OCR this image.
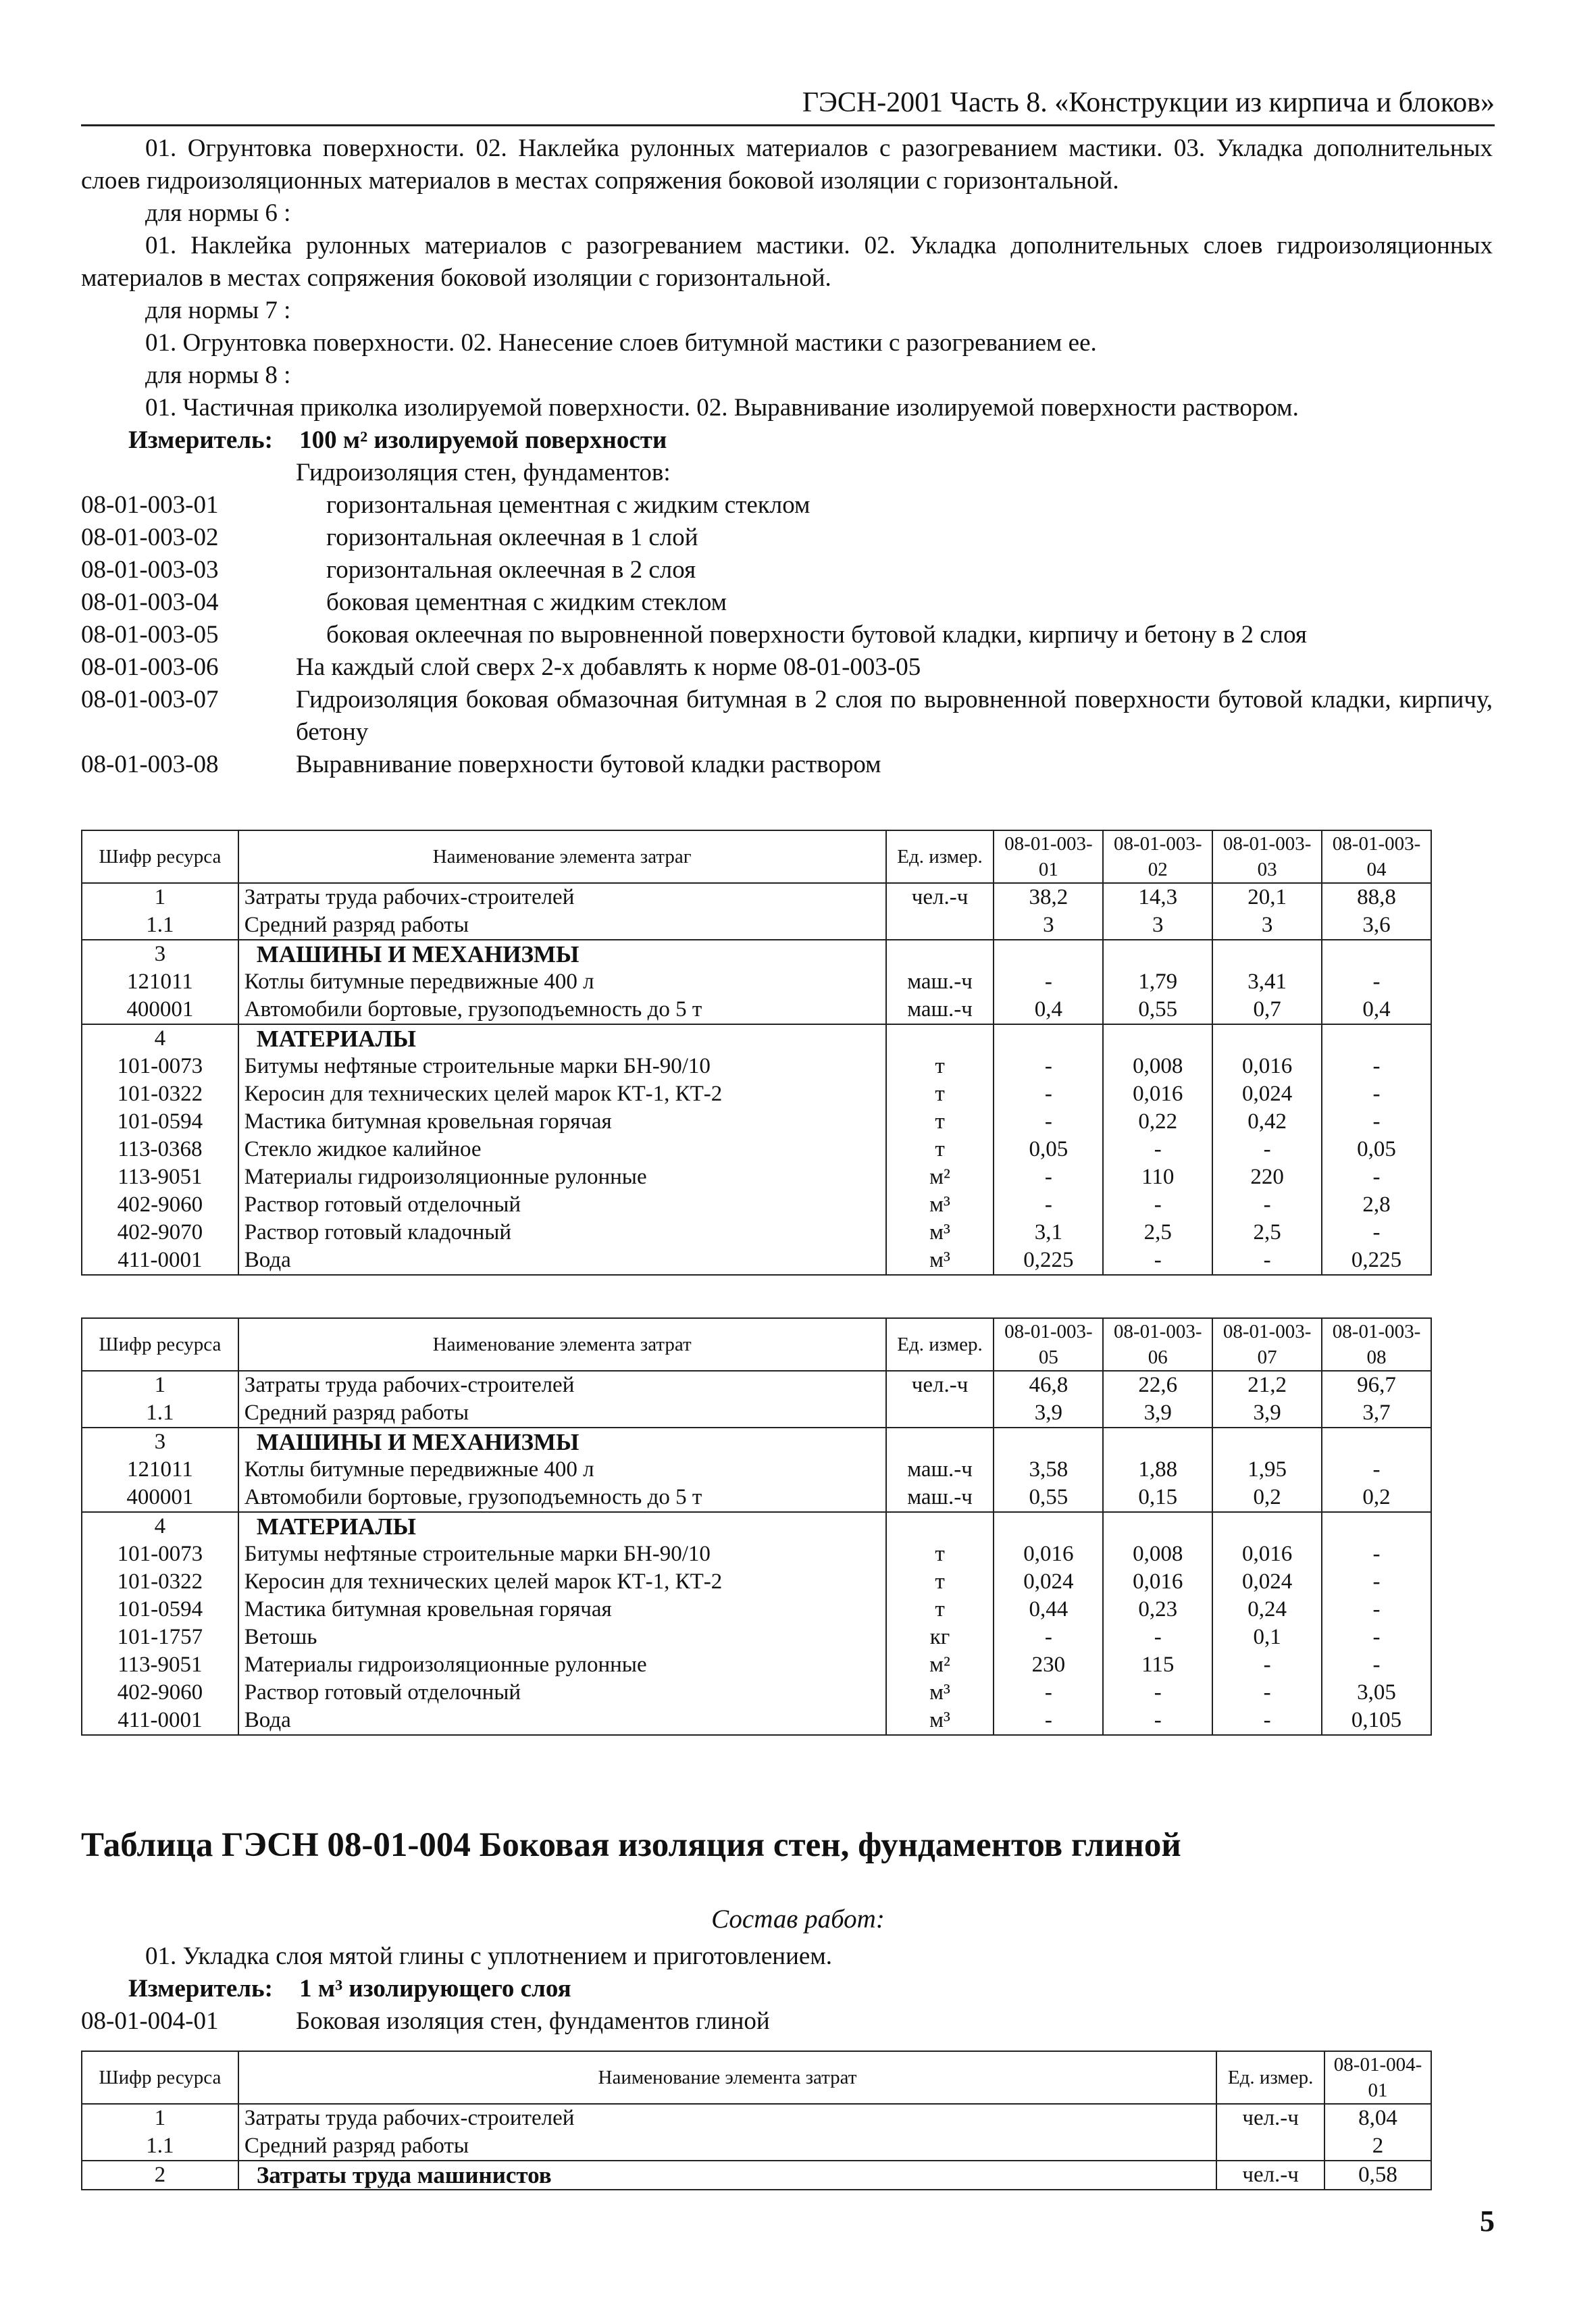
ГЭСН-2001 Часть 8. «Конструкции из кирпича и блоков»

01. Огрунтовка поверхности. 02. Наклейка рулонных материалов с разогреванием мастики. 03. Укладка дополнительных слоев гидроизоляционных материалов в местах сопряжения боковой изоляции с горизонтальной.

для нормы 6 :

01. Наклейка рулонных материалов с разогреванием мастики. 02. Укладка дополнительных слоев гидроизоляционных материалов в местах сопряжения боковой изоляции с горизонтальной.

для нормы 7 :

01. Огрунтовка поверхности. 02. Нанесение слоев битумной мастики с разогреванием ее.

для нормы 8 :

01. Частичная приколка изолируемой поверхности. 02. Выравнивание изолируемой поверхности раствором.

Измеритель: 100 м² изолируемой поверхности

Гидроизоляция стен, фундаментов:

08-01-003-01	горизонтальная цементная с жидким стеклом
08-01-003-02	горизонтальная оклеечная в 1 слой
08-01-003-03	горизонтальная оклеечная в 2 слоя
08-01-003-04	боковая цементная с жидким стеклом
08-01-003-05	боковая оклеечная по выровненной поверхности бутовой кладки, кирпичу и бетону в 2 слоя
08-01-003-06	На каждый слой сверх 2-х добавлять к норме 08-01-003-05
08-01-003-07	Гидроизоляция боковая обмазочная битумная в 2 слоя по выровненной поверхности бутовой кладки, кирпичу, бетону
08-01-003-08	Выравнивание поверхности бутовой кладки раствором
Шифр ресурса	Наименование элемента затраг	Ед. измер.	08-01-003-01	08-01-003-02	08-01-003-03	08-01-003-04
1	Затраты труда рабочих-строителей	чел.-ч	38,2	14,3	20,1	88,8
1.1	Средний разряд работы		3	3	3	3,6
3	МАШИНЫ И МЕХАНИЗМЫ					
121011	Котлы битумные передвижные 400 л	маш.-ч	-	1,79	3,41	-
400001	Автомобили бортовые, грузоподъемность до 5 т	маш.-ч	0,4	0,55	0,7	0,4
4	МАТЕРИАЛЫ					
101-0073	Битумы нефтяные строительные марки БН-90/10	т	-	0,008	0,016	-
101-0322	Керосин для технических целей марок КТ-1, КТ-2	т	-	0,016	0,024	-
101-0594	Мастика битумная кровельная горячая	т	-	0,22	0,42	-
113-0368	Стекло жидкое калийное	т	0,05	-	-	0,05
113-9051	Материалы гидроизоляционные рулонные	м²	-	110	220	-
402-9060	Раствор готовый отделочный	м³	-	-	-	2,8
402-9070	Раствор готовый кладочный	м³	3,1	2,5	2,5	-
411-0001	Вода	м³	0,225	-	-	0,225
Шифр ресурса	Наименование элемента затрат	Ед. измер.	08-01-003-05	08-01-003-06	08-01-003-07	08-01-003-08
1	Затраты труда рабочих-строителей	чел.-ч	46,8	22,6	21,2	96,7
1.1	Средний разряд работы		3,9	3,9	3,9	3,7
3	МАШИНЫ И МЕХАНИЗМЫ					
121011	Котлы битумные передвижные 400 л	маш.-ч	3,58	1,88	1,95	-
400001	Автомобили бортовые, грузоподъемность до 5 т	маш.-ч	0,55	0,15	0,2	0,2
4	МАТЕРИАЛЫ					
101-0073	Битумы нефтяные строительные марки БН-90/10	т	0,016	0,008	0,016	-
101-0322	Керосин для технических целей марок КТ-1, КТ-2	т	0,024	0,016	0,024	-
101-0594	Мастика битумная кровельная горячая	т	0,44	0,23	0,24	-
101-1757	Ветошь	кг	-	-	0,1	-
113-9051	Материалы гидроизоляционные рулонные	м²	230	115	-	-
402-9060	Раствор готовый отделочный	м³	-	-	-	3,05
411-0001	Вода	м³	-	-	-	0,105
Таблица ГЭСН 08-01-004 Боковая изоляция стен, фундаментов глиной
Состав работ:

01. Укладка слоя мятой глины с уплотнением и приготовлением.

Измеритель: 1 м³ изолирующего слоя

08-01-004-01	Боковая изоляция стен, фундаментов глиной
Шифр ресурса	Наименование элемента затрат	Ед. измер.	08-01-004-01
1	Затраты труда рабочих-строителей	чел.-ч	8,04
1.1	Средний разряд работы		2
2	Затраты труда машинистов	чел.-ч	0,58
5
